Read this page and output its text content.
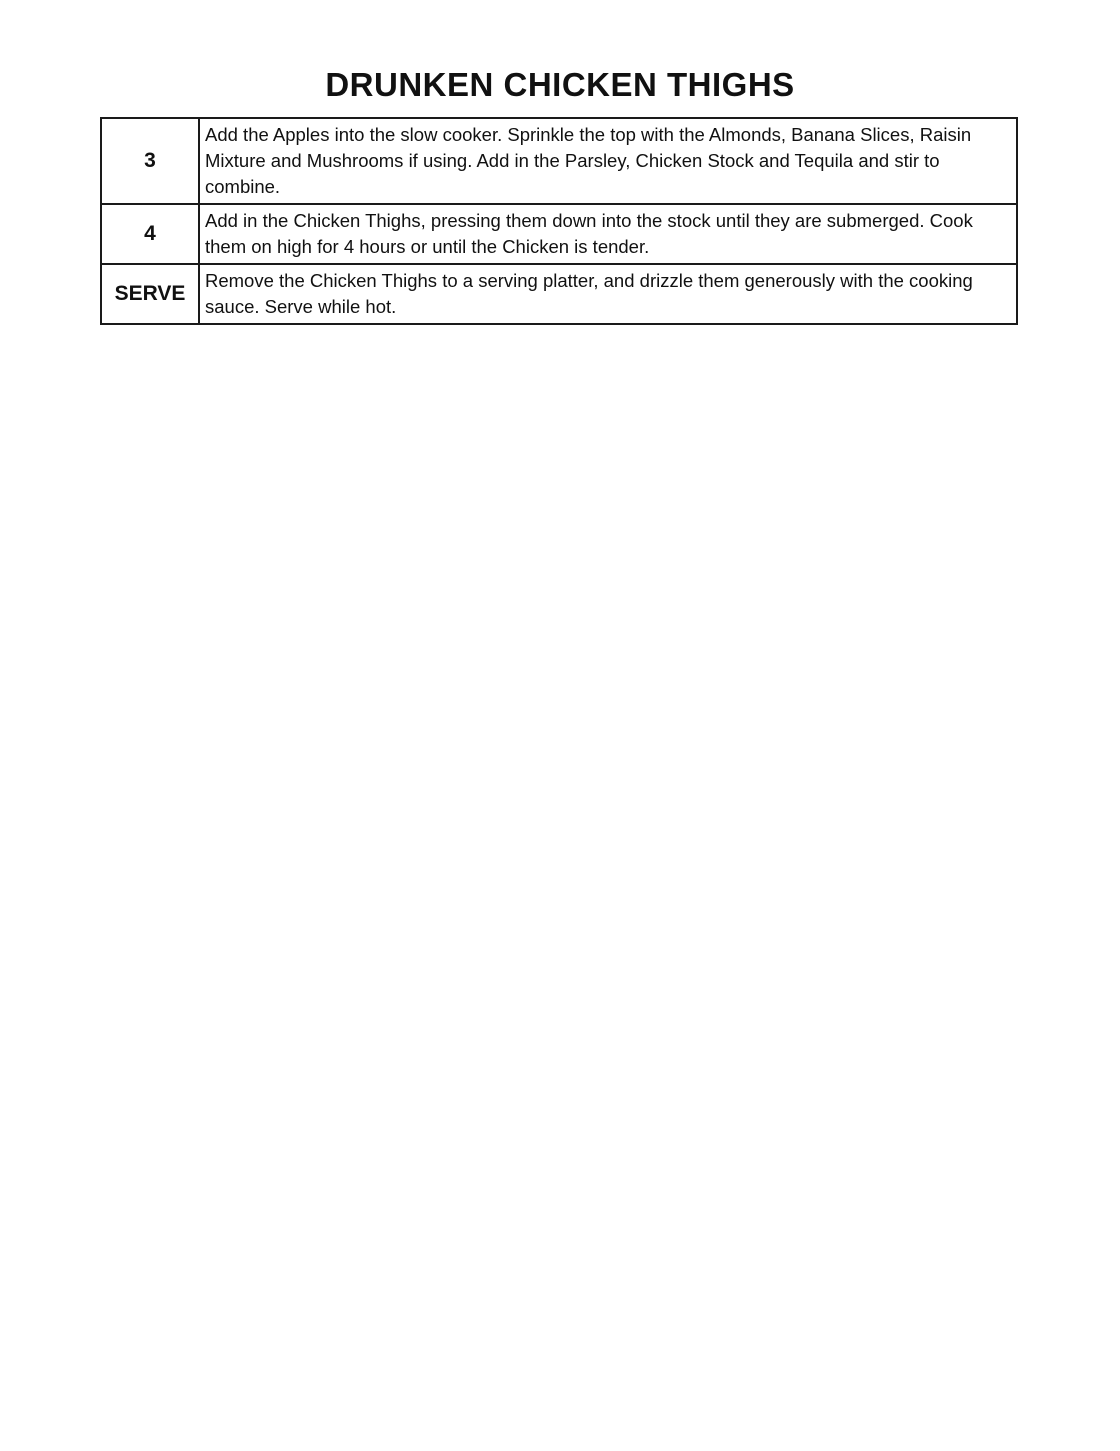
DRUNKEN CHICKEN THIGHS
3	Add the Apples into the slow cooker. Sprinkle the top with the Almonds, Banana Slices, Raisin Mixture and Mushrooms if using. Add in the Parsley, Chicken Stock and Tequila and stir to combine.
4	Add in the Chicken Thighs, pressing them down into the stock until they are submerged. Cook them on high for 4 hours or until the Chicken is tender.
SERVE	Remove the Chicken Thighs to a serving platter, and drizzle them generously with the cooking sauce. Serve while hot.
